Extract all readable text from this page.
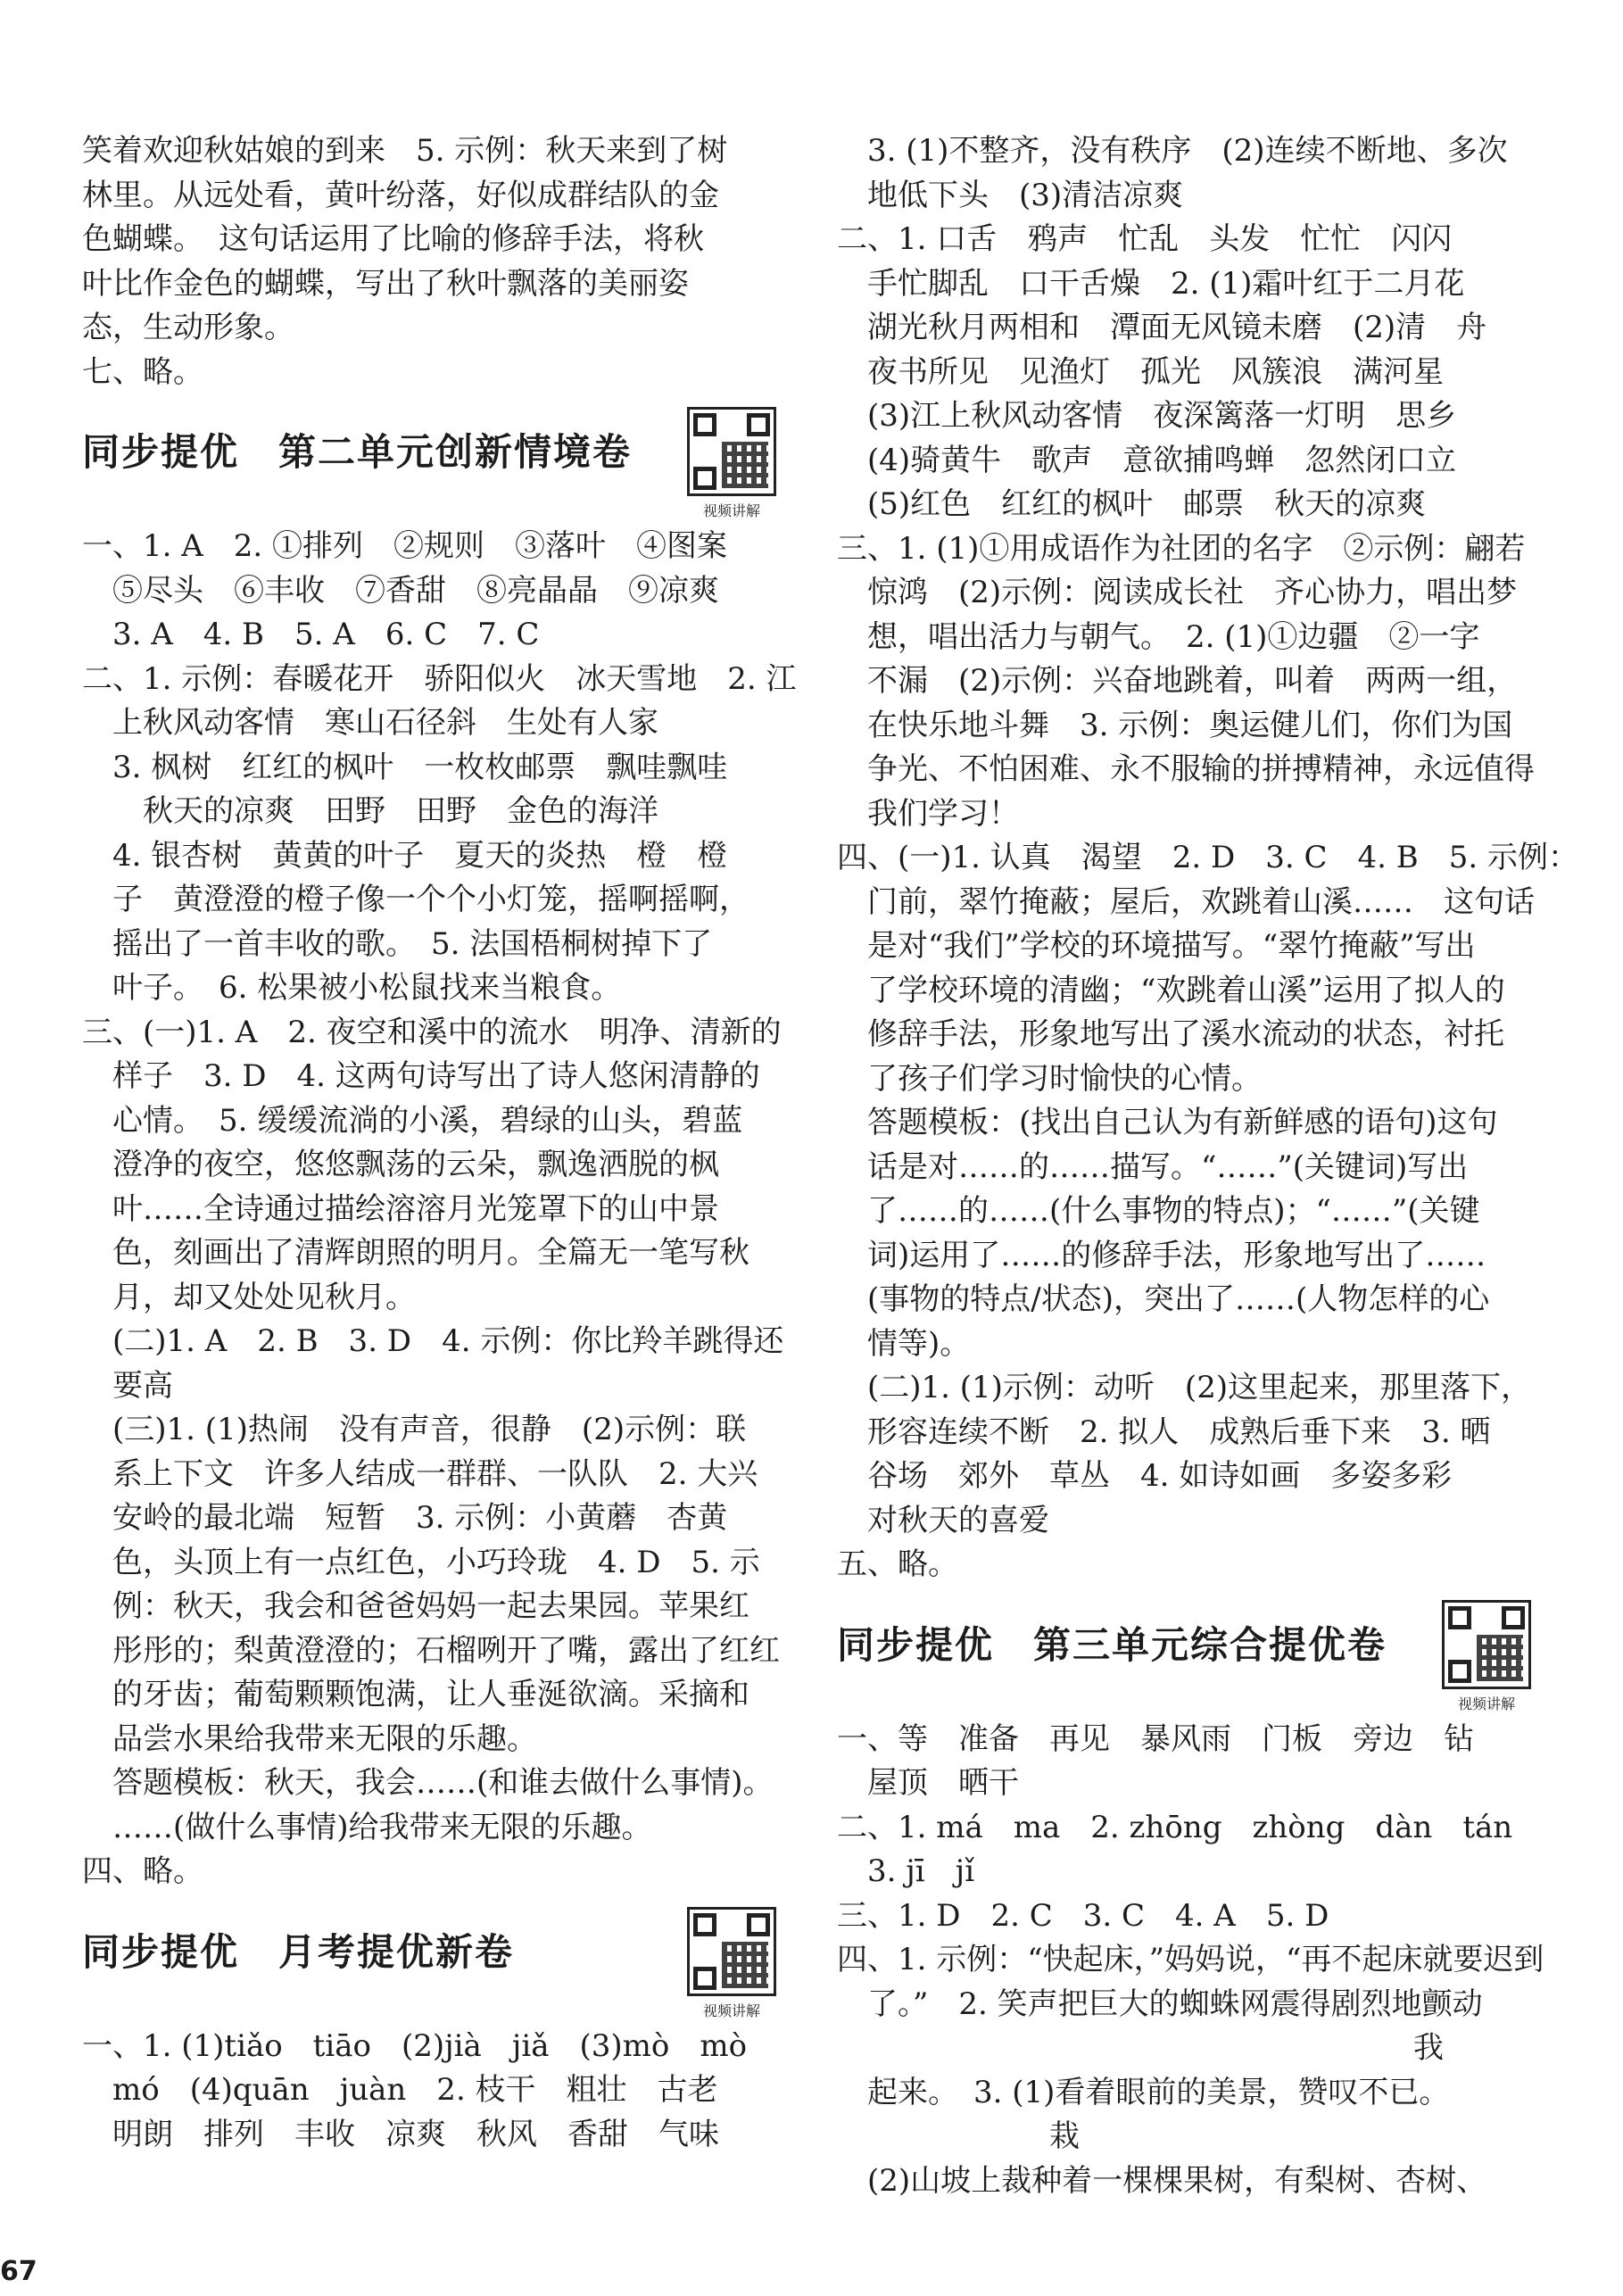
笑着欢迎秋姑娘的到来　5. 示例：秋天来到了树
林里。从远处看，黄叶纷落，好似成群结队的金
色蝴蝶。　这句话运用了比喻的修辞手法，将秋
叶比作金色的蝴蝶，写出了秋叶飘落的美丽姿
态，生动形象。
七、略。
同步提优　第二单元创新情境卷
视频讲解
一、1. A　2. ①排列　②规则　③落叶　④图案
　⑤尽头　⑥丰收　⑦香甜　⑧亮晶晶　⑨凉爽
　3. A　4. B　5. A　6. C　7. C
二、1. 示例：春暖花开　骄阳似火　冰天雪地　2. 江
　上秋风动客情　寒山石径斜　生处有人家
　3. 枫树　红红的枫叶　一枚枚邮票　飘哇飘哇
　　秋天的凉爽　田野　田野　金色的海洋
　4. 银杏树　黄黄的叶子　夏天的炎热　橙　橙
　子　黄澄澄的橙子像一个个小灯笼，摇啊摇啊，
　摇出了一首丰收的歌。　5. 法国梧桐树掉下了
　叶子。　6. 松果被小松鼠找来当粮食。
三、(一)1. A　2. 夜空和溪中的流水　明净、清新的
　样子　3. D　4. 这两句诗写出了诗人悠闲清静的
　心情。　5. 缓缓流淌的小溪，碧绿的山头，碧蓝
　澄净的夜空，悠悠飘荡的云朵，飘逸洒脱的枫
　叶……全诗通过描绘溶溶月光笼罩下的山中景
　色，刻画出了清辉朗照的明月。全篇无一笔写秋
　月，却又处处见秋月。
　(二)1. A　2. B　3. D　4. 示例：你比羚羊跳得还
　要高
　(三)1. (1)热闹　没有声音，很静　(2)示例：联
　系上下文　许多人结成一群群、一队队　2. 大兴
　安岭的最北端　短暂　3. 示例：小黄蘑　杏黄
　色，头顶上有一点红色，小巧玲珑　4. D　5. 示
　例：秋天，我会和爸爸妈妈一起去果园。苹果红
　彤彤的；梨黄澄澄的；石榴咧开了嘴，露出了红红
　的牙齿；葡萄颗颗饱满，让人垂涎欲滴。采摘和
　品尝水果给我带来无限的乐趣。
　答题模板：秋天，我会……(和谁去做什么事情)。
　……(做什么事情)给我带来无限的乐趣。
四、略。
同步提优　月考提优新卷
视频讲解
一、1. (1)tiǎo　tiāo　(2)jià　jiǎ　(3)mò　mò
　mó　(4)quān　juàn　2. 枝干　粗壮　古老
　明朗　排列　丰收　凉爽　秋风　香甜　气味
　3. (1)不整齐，没有秩序　(2)连续不断地、多次
　地低下头　(3)清洁凉爽
二、1. 口舌　鸦声　忙乱　头发　忙忙　闪闪
　手忙脚乱　口干舌燥　2. (1)霜叶红于二月花
　湖光秋月两相和　潭面无风镜未磨　(2)清　舟
　夜书所见　见渔灯　孤光　风簇浪　满河星
　(3)江上秋风动客情　夜深篱落一灯明　思乡
　(4)骑黄牛　歌声　意欲捕鸣蝉　忽然闭口立
　(5)红色　红红的枫叶　邮票　秋天的凉爽
三、1. (1)①用成语作为社团的名字　②示例：翩若
　惊鸿　(2)示例：阅读成长社　齐心协力，唱出梦
　想，唱出活力与朝气。　2. (1)①边疆　②一字
　不漏　(2)示例：兴奋地跳着，叫着　两两一组，
　在快乐地斗舞　3. 示例：奥运健儿们，你们为国
　争光、不怕困难、永不服输的拼搏精神，永远值得
　我们学习！
四、(一)1. 认真　渴望　2. D　3. C　4. B　5. 示例：
　门前，翠竹掩蔽；屋后，欢跳着山溪……　这句话
　是对“我们”学校的环境描写。“翠竹掩蔽”写出
　了学校环境的清幽；“欢跳着山溪”运用了拟人的
　修辞手法，形象地写出了溪水流动的状态，衬托
　了孩子们学习时愉快的心情。
　答题模板：(找出自己认为有新鲜感的语句)这句
　话是对……的……描写。“……”(关键词)写出
　了……的……(什么事物的特点)；“……”(关键
　词)运用了……的修辞手法，形象地写出了……
　(事物的特点/状态)，突出了……(人物怎样的心
　情等)。
　(二)1. (1)示例：动听　(2)这里起来，那里落下，
　形容连续不断　2. 拟人　成熟后垂下来　3. 晒
　谷场　郊外　草丛　4. 如诗如画　多姿多彩
　对秋天的喜爱
五、略。
同步提优　第三单元综合提优卷
视频讲解
一、等　准备　再见　暴风雨　门板　旁边　钻
　屋顶　晒干
二、1. má　ma　2. zhōng　zhòng　dàn　tán
　3. jī　jǐ
三、1. D　2. C　3. C　4. A　5. D
四、1. 示例：“快起床，”妈妈说，“再不起床就要迟到
　了。”　2. 笑声把巨大的蜘蛛网震得剧烈地颤动
　　　　　　　　　　　　　　　　　　　我
　起来。　3. (1)看着眼前的美景，赞叹不已。
　　　　　　　栽
　(2)山坡上裁种着一棵棵果树，有梨树、杏树、
67
